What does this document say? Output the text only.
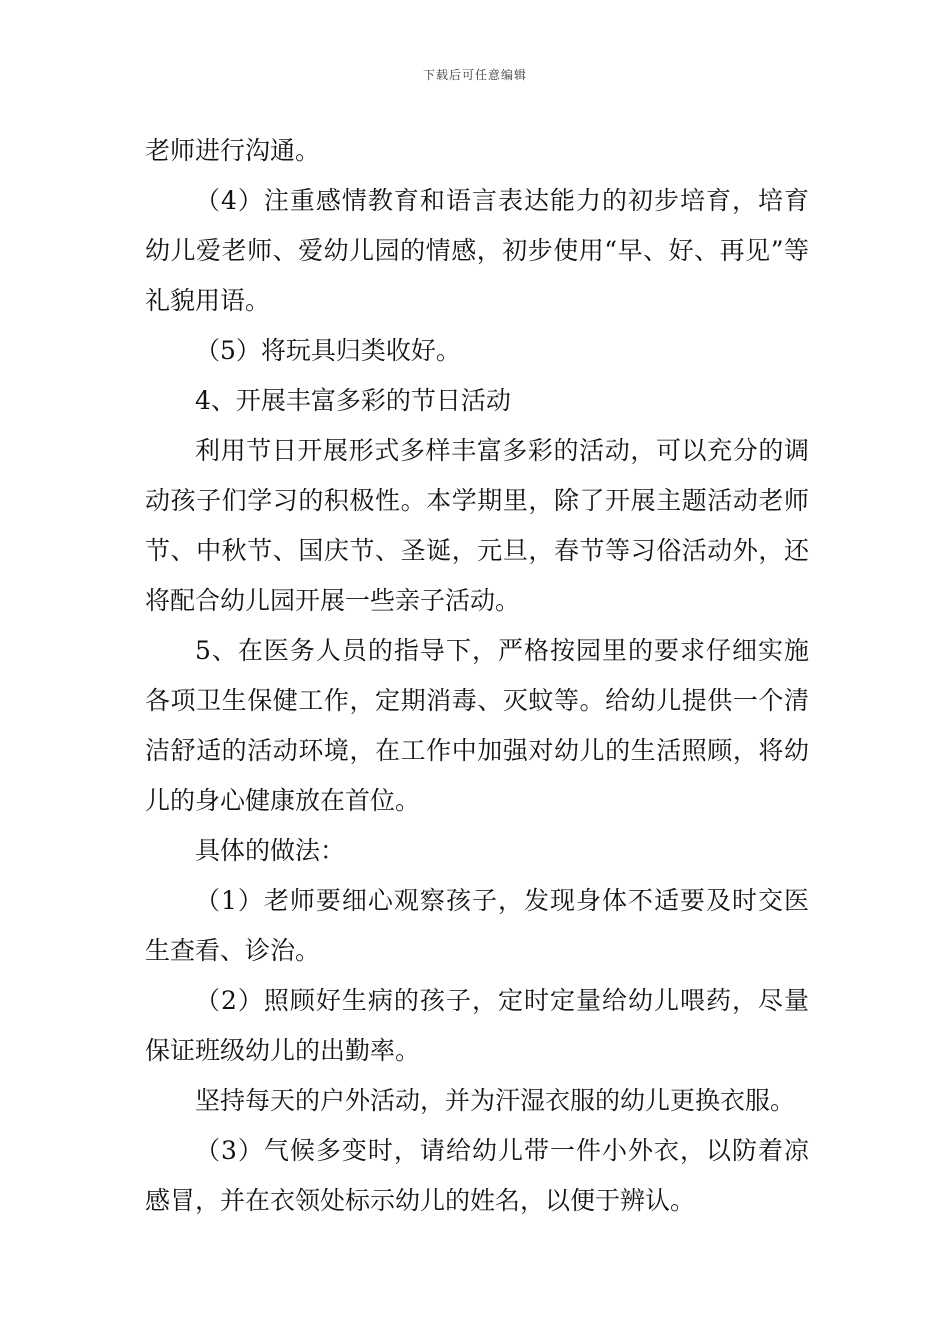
下载后可任意编辑

老师进行沟通。

（4）注重感情教育和语言表达能力的初步培育，培育幼儿爱老师、爱幼儿园的情感，初步使用“早、好、再见”等礼貌用语。

（5）将玩具归类收好。

4、开展丰富多彩的节日活动

利用节日开展形式多样丰富多彩的活动，可以充分的调动孩子们学习的积极性。本学期里，除了开展主题活动老师节、中秋节、国庆节、圣诞，元旦，春节等习俗活动外，还将配合幼儿园开展一些亲子活动。

5、在医务人员的指导下，严格按园里的要求仔细实施各项卫生保健工作，定期消毒、灭蚊等。给幼儿提供一个清洁舒适的活动环境，在工作中加强对幼儿的生活照顾，将幼儿的身心健康放在首位。

具体的做法：

（1）老师要细心观察孩子，发现身体不适要及时交医生查看、诊治。

（2）照顾好生病的孩子，定时定量给幼儿喂药，尽量保证班级幼儿的出勤率。

坚持每天的户外活动，并为汗湿衣服的幼儿更换衣服。

（3）气候多变时，请给幼儿带一件小外衣，以防着凉感冒，并在衣领处标示幼儿的姓名，以便于辨认。
